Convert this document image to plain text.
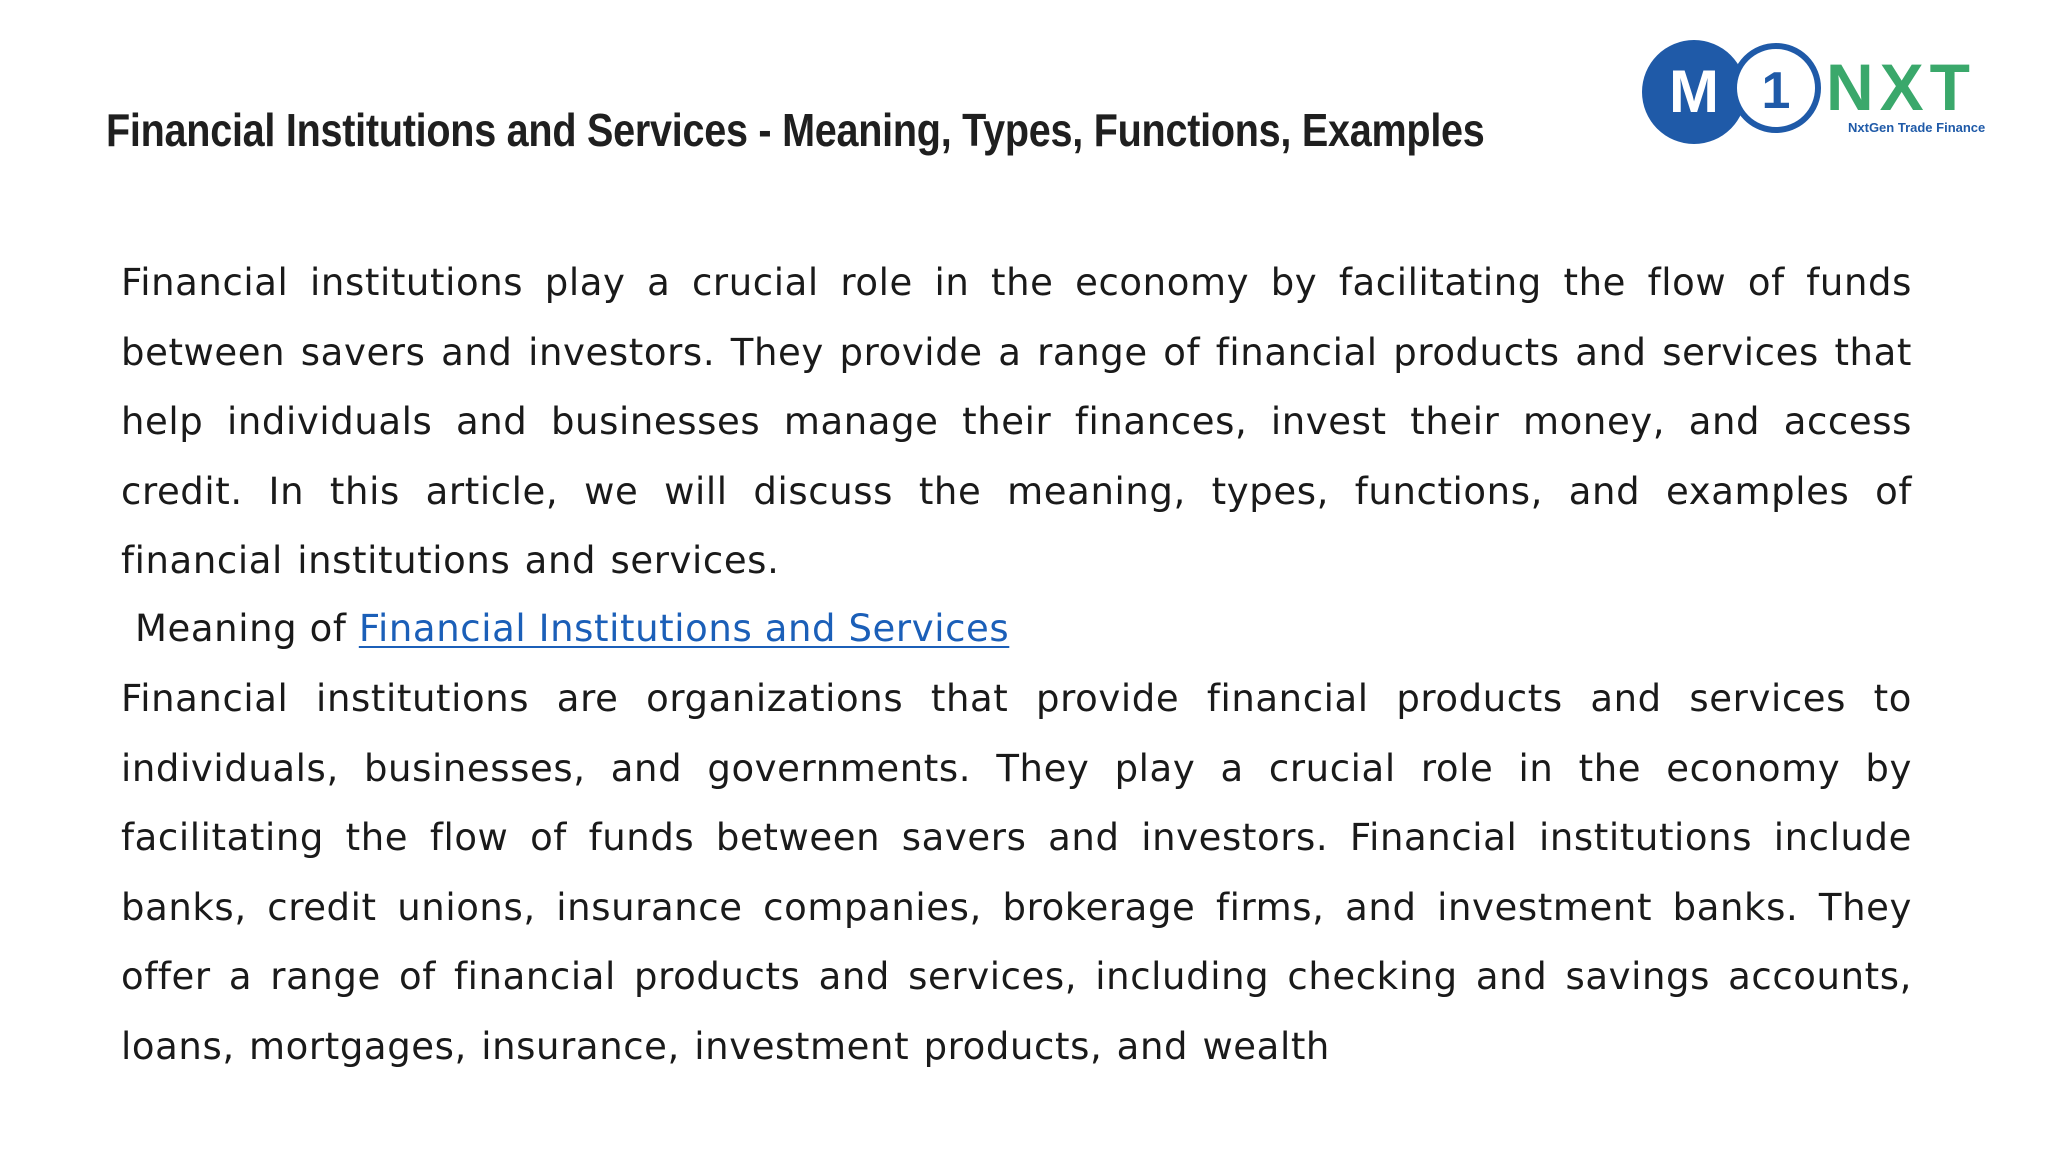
Financial Institutions and Services - Meaning, Types, Functions, Examples
M 1 NXT
NxtGen Trade Finance
Financial institutions play a crucial role in the economy by facilitating the flow of funds between savers and investors. They provide a range of financial products and services that help individuals and businesses manage their finances, invest their money, and access credit. In this article, we will discuss the meaning, types, functions, and examples of financial institutions and services.
Meaning of Financial Institutions and Services
Financial institutions are organizations that provide financial products and services to individuals, businesses, and governments. They play a crucial role in the economy by facilitating the flow of funds between savers and investors. Financial institutions include banks, credit unions, insurance companies, brokerage firms, and investment banks. They offer a range of financial products and services, including checking and savings accounts, loans, mortgages, insurance, investment products, and wealth
